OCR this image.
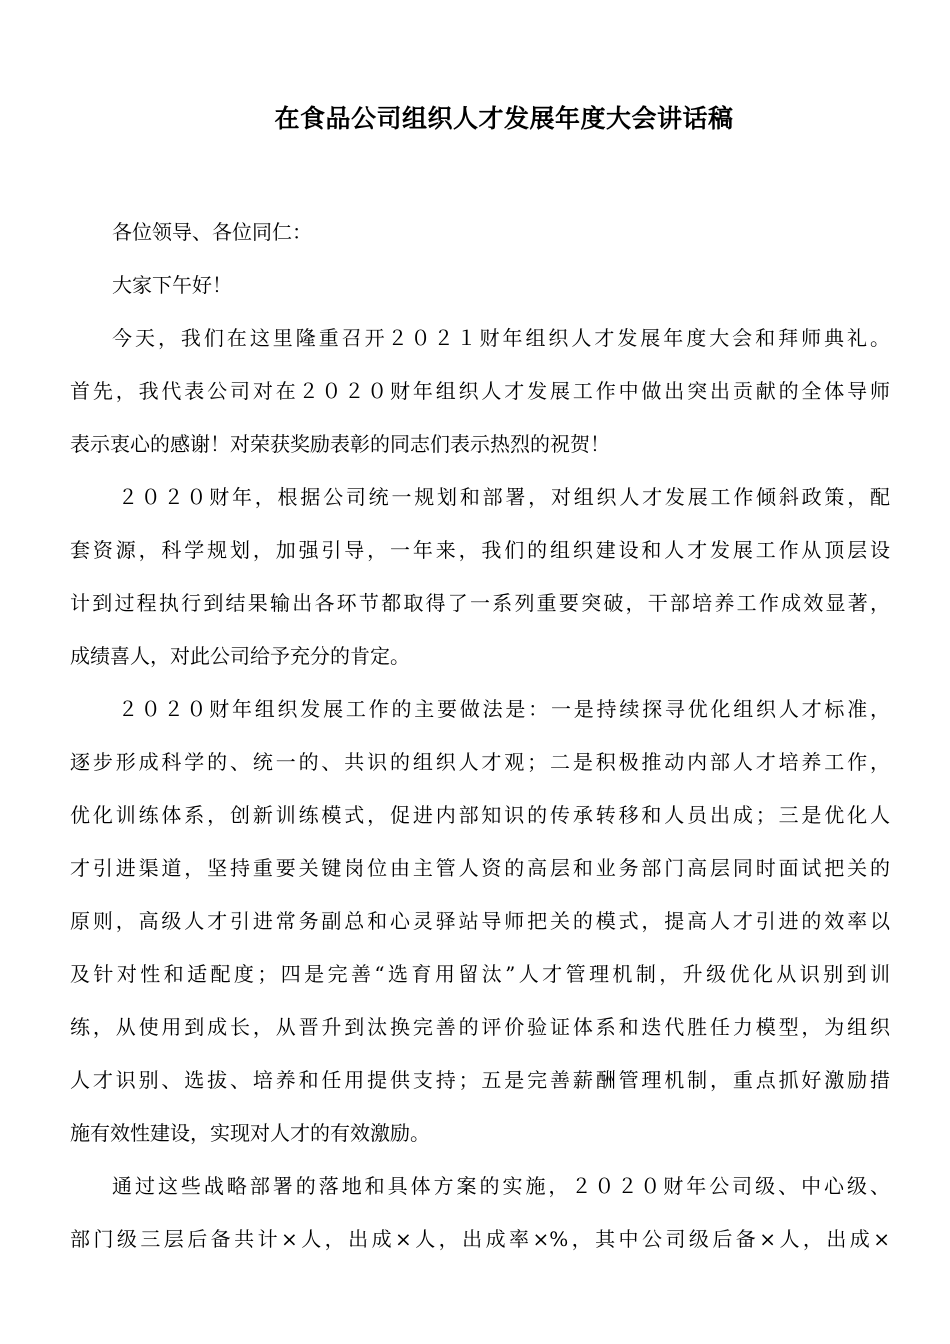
在食品公司组织人才发展年度大会讲话稿
各位领导、各位同仁：
大家下午好！
今天，我们在这里隆重召开２０２１财年组织人才发展年度大会和拜师典礼。
首先，我代表公司对在２０２０财年组织人才发展工作中做出突出贡献的全体导师
表示衷心的感谢！对荣获奖励表彰的同志们表示热烈的祝贺！
２０２０财年，根据公司统一规划和部署，对组织人才发展工作倾斜政策，配
套资源，科学规划，加强引导，一年来，我们的组织建设和人才发展工作从顶层设
计到过程执行到结果输出各环节都取得了一系列重要突破，干部培养工作成效显著，
成绩喜人，对此公司给予充分的肯定。
２０２０财年组织发展工作的主要做法是：一是持续探寻优化组织人才标准，
逐步形成科学的、统一的、共识的组织人才观；二是积极推动内部人才培养工作，
优化训练体系，创新训练模式，促进内部知识的传承转移和人员出成；三是优化人
才引进渠道，坚持重要关键岗位由主管人资的高层和业务部门高层同时面试把关的
原则，高级人才引进常务副总和心灵驿站导师把关的模式，提高人才引进的效率以
及针对性和适配度；四是完善“选育用留汰”人才管理机制，升级优化从识别到训
练，从使用到成长，从晋升到汰换完善的评价验证体系和迭代胜任力模型，为组织
人才识别、选拔、培养和任用提供支持；五是完善薪酬管理机制，重点抓好激励措
施有效性建设，实现对人才的有效激励。
通过这些战略部署的落地和具体方案的实施，２０２０财年公司级、中心级、
部门级三层后备共计×人，出成×人，出成率×%，其中公司级后备×人，出成×
